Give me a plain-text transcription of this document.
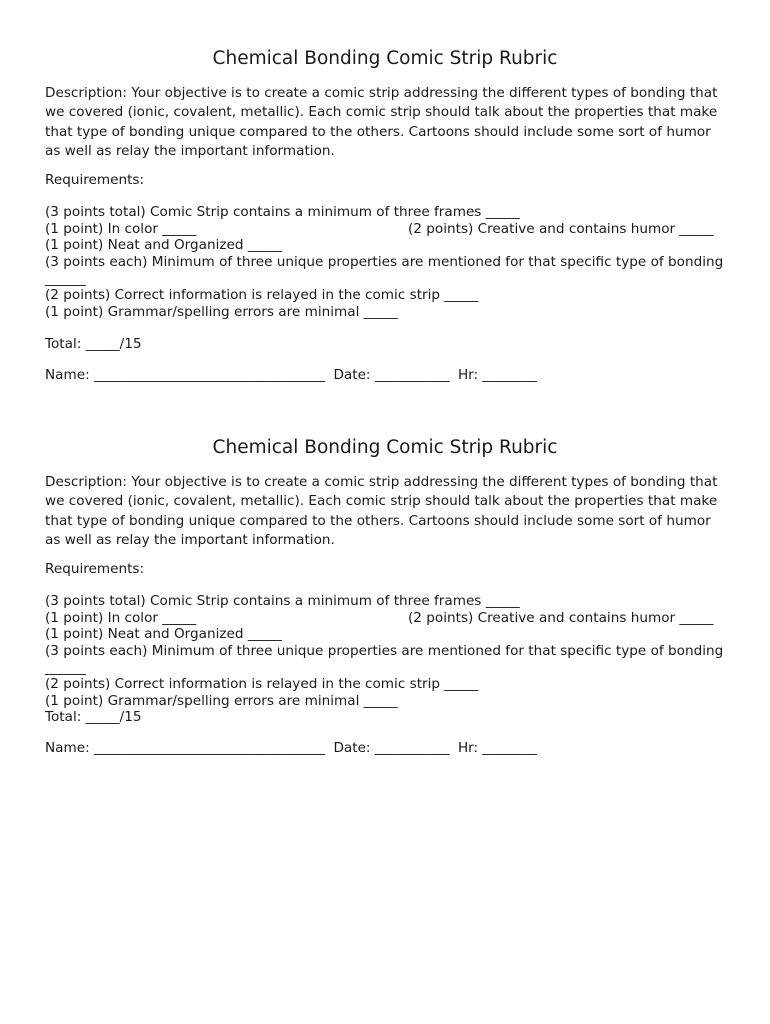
Chemical Bonding Comic Strip Rubric

Description: Your objective is to create a comic strip addressing the different types of bonding that we covered (ionic, covalent, metallic). Each comic strip should talk about the properties that make that type of bonding unique compared to the others. Cartoons should include some sort of humor as well as relay the important information.

Requirements:
(3 points total) Comic Strip contains a minimum of three frames _____
(1 point) In color _____	(2 points) Creative and contains humor _____
(1 point) Neat and Organized _____
(3 points each) Minimum of three unique properties are mentioned for that specific type of bonding ______
(2 points) Correct information is relayed in the comic strip _____
(1 point) Grammar/spelling errors are minimal _____
Total: _____/15
Name: __________________________________ Date: ___________ Hr: ________
Chemical Bonding Comic Strip Rubric

Description: Your objective is to create a comic strip addressing the different types of bonding that we covered (ionic, covalent, metallic). Each comic strip should talk about the properties that make that type of bonding unique compared to the others. Cartoons should include some sort of humor as well as relay the important information.

Requirements:
(3 points total) Comic Strip contains a minimum of three frames _____
(1 point) In color _____	(2 points) Creative and contains humor _____
(1 point) Neat and Organized _____
(3 points each) Minimum of three unique properties are mentioned for that specific type of bonding ______
(2 points) Correct information is relayed in the comic strip _____
(1 point) Grammar/spelling errors are minimal _____
Total: _____/15
Name: __________________________________ Date: ___________ Hr: ________
